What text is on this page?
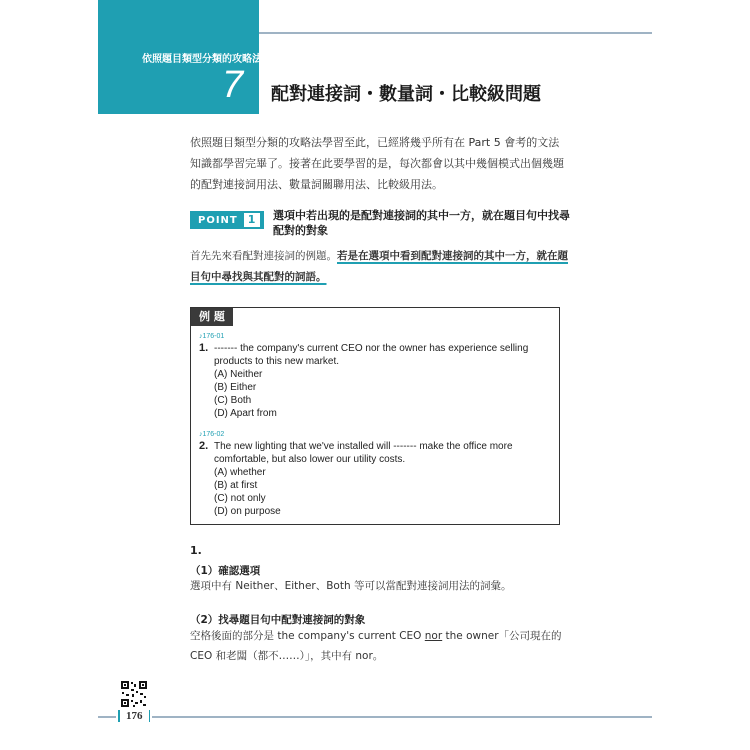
依照題目類型分類的攻略法
7 配對連接詞・數量詞・比較級問題

依照題目類型分類的攻略法學習至此，已經將幾乎所有在 Part 5 會考的文法知識都學習完畢了。接著在此要學習的是，每次都會以其中幾個模式出個幾題的配對連接詞用法、數量詞關聯用法、比較級用法。

POINT 1	選項中若出現的是配對連接詞的其中一方，就在題目句中找尋配對的對象

首先先來看配對連接詞的例題。若是在選項中看到配對連接詞的其中一方，就在題目句中尋找與其配對的詞語。

例 題
♪176-01
1. ------- the company's current CEO nor the owner has experience selling
products to this new market.
(A) Neither
(B) Either
(C) Both
(D) Apart from
♪176-02
2. The new lighting that we've installed will ------- make the office more
comfortable, but also lower our utility costs.
(A) whether
(B) at first
(C) not only
(D) on purpose
1.
（1）確認選項

選項中有 Neither、Either、Both 等可以當配對連接詞用法的詞彙。

（2）找尋題目句中配對連接詞的對象

空格後面的部分是 the company's current CEO nor the owner「公司現在的 CEO 和老闆（都不……）」，其中有 nor。

176
